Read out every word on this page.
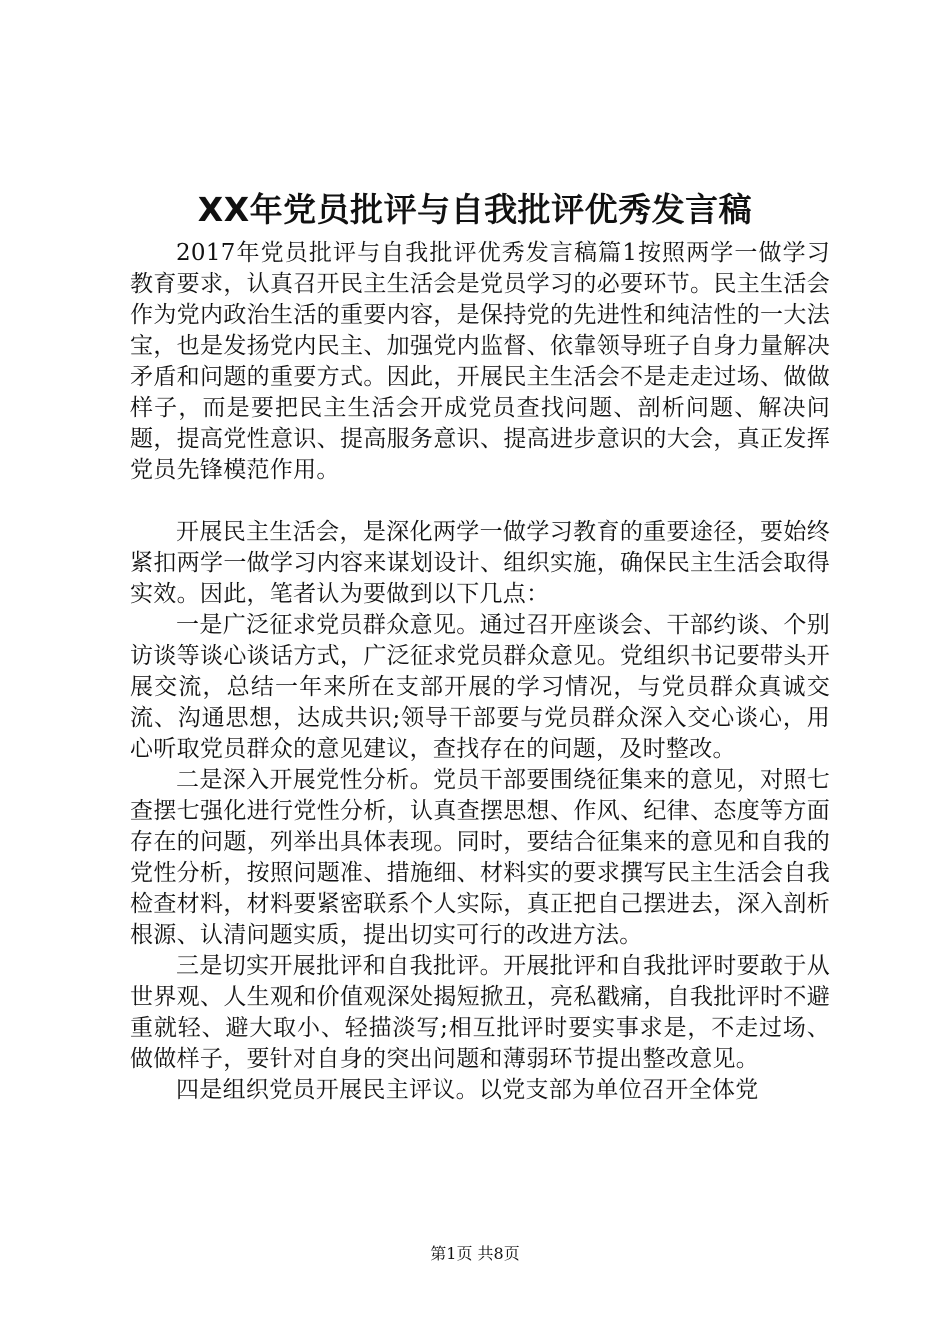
XX年党员批评与自我批评优秀发言稿

2017年党员批评与自我批评优秀发言稿篇1按照两学一做学习教育要求，认真召开民主生活会是党员学习的必要环节。民主生活会作为党内政治生活的重要内容，是保持党的先进性和纯洁性的一大法宝，也是发扬党内民主、加强党内监督、依靠领导班子自身力量解决矛盾和问题的重要方式。因此，开展民主生活会不是走走过场、做做样子，而是要把民主生活会开成党员查找问题、剖析问题、解决问题，提高党性意识、提高服务意识、提高进步意识的大会，真正发挥党员先锋模范作用。

开展民主生活会，是深化两学一做学习教育的重要途径，要始终紧扣两学一做学习内容来谋划设计、组织实施，确保民主生活会取得实效。因此，笔者认为要做到以下几点：

一是广泛征求党员群众意见。通过召开座谈会、干部约谈、个别访谈等谈心谈话方式，广泛征求党员群众意见。党组织书记要带头开展交流，总结一年来所在支部开展的学习情况，与党员群众真诚交流、沟通思想，达成共识;领导干部要与党员群众深入交心谈心，用心听取党员群众的意见建议，查找存在的问题，及时整改。

二是深入开展党性分析。党员干部要围绕征集来的意见，对照七查摆七强化进行党性分析，认真查摆思想、作风、纪律、态度等方面存在的问题，列举出具体表现。同时，要结合征集来的意见和自我的党性分析，按照问题准、措施细、材料实的要求撰写民主生活会自我检查材料，材料要紧密联系个人实际，真正把自己摆进去，深入剖析根源、认清问题实质，提出切实可行的改进方法。

三是切实开展批评和自我批评。开展批评和自我批评时要敢于从世界观、人生观和价值观深处揭短掀丑，亮私戳痛，自我批评时不避重就轻、避大取小、轻描淡写;相互批评时要实事求是，不走过场、做做样子，要针对自身的突出问题和薄弱环节提出整改意见。

四是组织党员开展民主评议。以党支部为单位召开全体党

第1页 共8页
